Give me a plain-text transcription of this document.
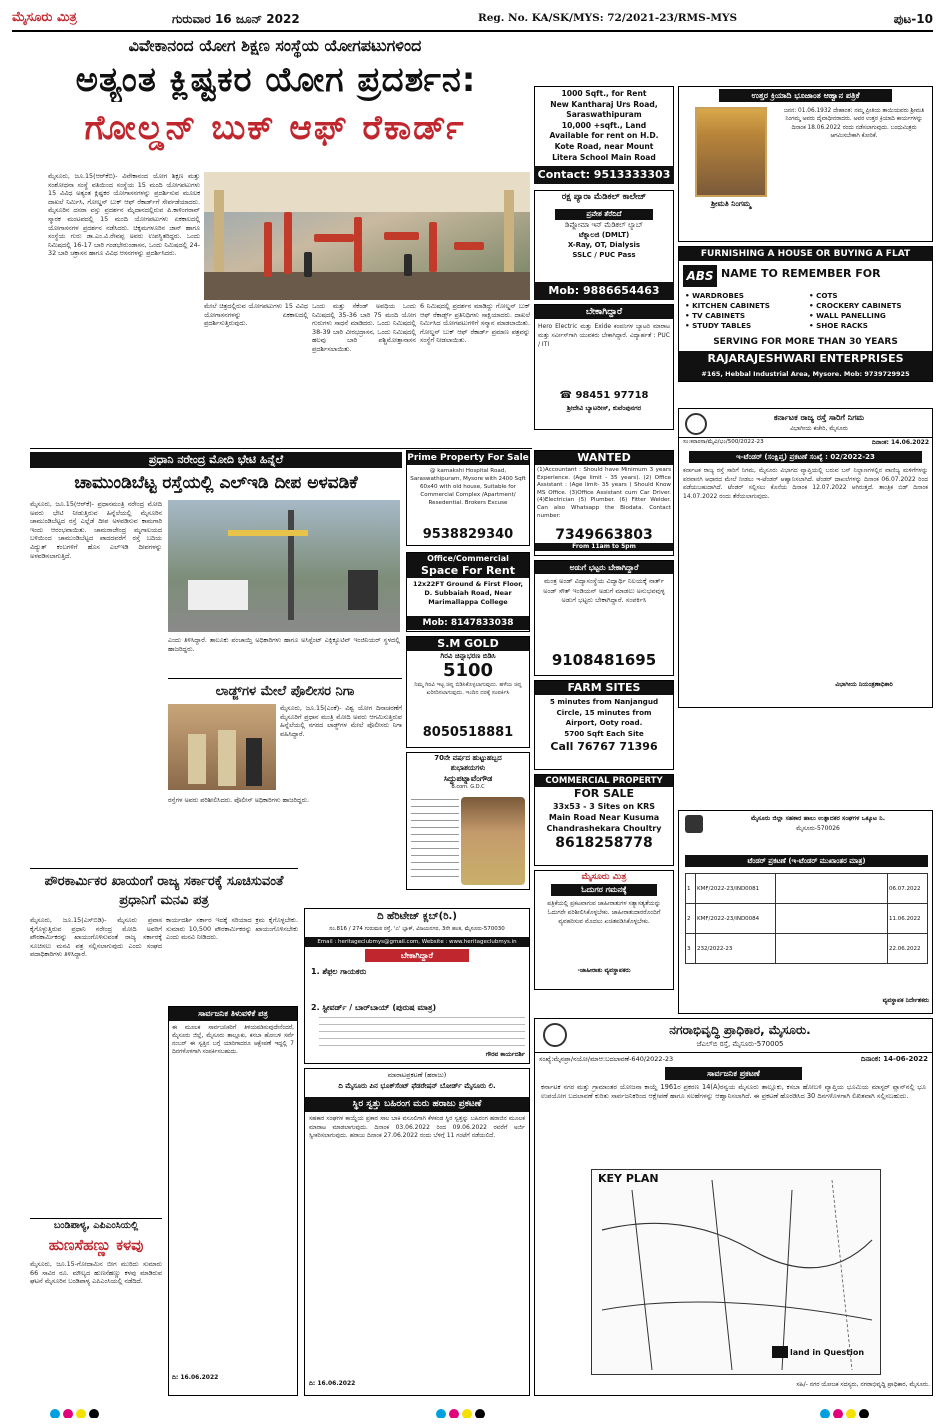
ಮೈಸೂರು ಮಿತ್ರ	ಗುರುವಾರ 16 ಜೂನ್ 2022	Reg. No. KA/SK/MYS: 72/2021-23/RMS-MYS	ಪುಟ-10
ವಿವೇಕಾನಂದ ಯೋಗ ಶಿಕ್ಷಣ ಸಂಸ್ಥೆಯ ಯೋಗಪಟುಗಳಿಂದ
ಅತ್ಯಂತ ಕ್ಲಿಷ್ಟಕರ ಯೋಗ ಪ್ರದರ್ಶನ:
ಗೋಲ್ಡನ್ ಬುಕ್ ಆಫ್ ರೆಕಾರ್ಡ್
ಮೈಸೂರು, ಜೂ.15(ಆರ್‌ಕೆಬಿ)- ವಿವೇಕಾನಂದ ಯೋಗ ಶಿಕ್ಷಣ ಮತ್ತು ಸಂಶೋಧನಾ ಸಂಸ್ಥೆ ವತಿಯಿಂದ ಸಂಸ್ಥೆಯ 15 ಮಂದಿ ಯೋಗಪಟುಗಳು 15 ವಿವಿಧ ಅತ್ಯಂತ ಕ್ಲಿಷ್ಟಕರ ಯೋಗಾಸನಗಳನ್ನು ಪ್ರದರ್ಶಿಸುವ ಮೂಲಕ ದಾಖಲೆ ನಿರ್ಮಿಸಿ, ಗೋಲ್ಡನ್ ಬುಕ್ ಆಫ್ ರೆಕಾರ್ಡ್‌ಗೆ ಸೇರ್ಪಡೆಯಾದರು. ಮೈಸೂರಿನ ದಸರಾ ವಸ್ತು ಪ್ರದರ್ಶನ ಮೈದಾನದಲ್ಲಿರುವ ಪಿ.ಕಾಳಿಂಗರಾವ್ ಸ್ಮಾರಕ ಮಂಟಪದಲ್ಲಿ 15 ಮಂದಿ ಯೋಗಪಟುಗಳು ಏಕಕಾಲದಲ್ಲಿ ಯೋಗಾಸನಗಳ ಪ್ರದರ್ಶನ ನಡೆಸಿದರು. ಚಿಕ್ಕಮಗಳೂರಿನ ಜಾನ್ ಹಾಗೂ ಸಂಸ್ಥೆಯ ಗುರು ಡಾ.ಎಂ.ವಿ.ರೇವಪ್ಪ ಅವರು ಉಪಸ್ಥಿತರಿದ್ದರು. ಒಂದು ನಿಮಿಷದಲ್ಲಿ 16-17 ಬಾರಿ ಗಂಡಭೇರುಂಡಾಸನ, ಒಂದು ನಿಮಿಷದಲ್ಲಿ 24-32 ಬಾರಿ ಚಕ್ರಾಸನ ಹಾಗೂ ವಿವಿಧ ಆಸನಗಳನ್ನು ಪ್ರದರ್ಶಿಸಿದರು.
ಮೇಲೆ ಚಿತ್ರದಲ್ಲಿರುವ ಯೋಗಪಟುಗಳು 15 ವಿವಿಧ ಯೋಗಾಸನಗಳನ್ನು ಏಕಕಾಲದಲ್ಲಿ ಪ್ರದರ್ಶಿಸುತ್ತಿರುವುದು.
ಒಂದು ಮತ್ತು ಸೆಕೆಂಡ್ ಅವಧಿಯ ಒಂದು ನಿಮಿಷದಲ್ಲಿ 35-36 ಬಾರಿ 75 ಮಂದಿ ಯೋಗ ಗುರುಗಳು ಸಾಧನೆ ಮಾಡಿದರು. ಒಂದು ನಿಮಿಷದಲ್ಲಿ 38-39 ಬಾರಿ ವೀರಭದ್ರಾಸನ, ಒಂದು ನಿಮಿಷದಲ್ಲಿ ಹಲವು ಬಾರಿ ಪಶ್ಚಿಮೋತ್ತಾನಾಸನ ಪ್ರದರ್ಶಿಸಲಾಯಿತು.
6 ನಿಮಿಷದಲ್ಲಿ ಪ್ರದರ್ಶನ ಮಾಡಿದ್ದು ಗೋಲ್ಡನ್ ಬುಕ್ ಆಫ್ ರೆಕಾರ್ಡ್ಸ್ ಪ್ರತಿನಿಧಿಗಳು ಸಾಕ್ಷಿಯಾದರು. ದಾಖಲೆ ನಿರ್ಮಿಸಿದ ಯೋಗಪಟುಗಳಿಗೆ ಸನ್ಮಾನ ಮಾಡಲಾಯಿತು. ಗೋಲ್ಡನ್ ಬುಕ್ ಆಫ್ ರೆಕಾರ್ಡ್ ಪ್ರಮಾಣ ಪತ್ರವನ್ನು ಸಂಸ್ಥೆಗೆ ನೀಡಲಾಯಿತು.
ಪ್ರಧಾನಿ ನರೇಂದ್ರ ಮೋದಿ ಭೇಟಿ ಹಿನ್ನೆಲೆ
ಚಾಮುಂಡಿಬೆಟ್ಟ ರಸ್ತೆಯಲ್ಲಿ ಎಲ್‌ಇಡಿ ದೀಪ ಅಳವಡಿಕೆ
ಮೈಸೂರು, ಜೂ.15(ಆರ್‌ಕೆ)- ಪ್ರಧಾನಮಂತ್ರಿ ನರೇಂದ್ರ ಮೋದಿ ಅವರು ಭೇಟಿ ನೀಡುತ್ತಿರುವ ಹಿನ್ನೆಲೆಯಲ್ಲಿ ಮೈಸೂರಿನ ಚಾಮುಂಡಿಬೆಟ್ಟದ ರಸ್ತೆ ಎಲ್ಲೆಡೆ ದೀಪ ಅಳವಡಿಸುವ ಕಾಮಗಾರಿ ಇಂದು ಆರಂಭವಾಯಿತು. ಚಾಮರಾಜೇಂದ್ರ ಮೃಗಾಲಯದ ಬಳಿಯಿಂದ ಚಾಮುಂಡಿಬೆಟ್ಟದ ಪಾದದವರೆಗೆ ರಸ್ತೆ ಬದಿಯ ವಿದ್ಯುತ್ ಕಂಬಗಳಿಗೆ ಹೊಸ ಎಲ್‌ಇಡಿ ದೀಪಗಳನ್ನು ಅಳವಡಿಸಲಾಗುತ್ತಿದೆ.
ಎಂದು ತಿಳಿಸಿದ್ದಾರೆ. ತಾಲೂಕು ಪಂಚಾಯ್ತಿ ಅಧಿಕಾರಿಗಳು ಹಾಗೂ ಅಸಿಸ್ಟೆಂಟ್ ಎಕ್ಸಿಕ್ಯೂಟಿವ್ ಇಂಜಿನಿಯರ್ ಸ್ಥಳದಲ್ಲಿ ಹಾಜರಿದ್ದರು.
ಲಾಡ್ಜ್‌ಗಳ ಮೇಲೆ ಪೊಲೀಸರ ನಿಗಾ
ಮೈಸೂರು, ಜೂ.15(ಎಂಕೆ)- ವಿಶ್ವ ಯೋಗ ದಿನಾಚರಣೆಗೆ ಮೈಸೂರಿಗೆ ಪ್ರಧಾನ ಮಂತ್ರಿ ಮೋದಿ ಅವರು ಆಗಮಿಸುತ್ತಿರುವ ಹಿನ್ನೆಲೆಯಲ್ಲಿ ನಗರದ ಲಾಡ್ಜ್‌ಗಳ ಮೇಲೆ ಪೊಲೀಸರು ನಿಗಾ ವಹಿಸಿದ್ದಾರೆ.
ರಸ್ತೆಗಳ ಅವರು ಪರಿಶೀಲಿಸಿದರು. ಪೊಲೀಸ್ ಅಧಿಕಾರಿಗಳು ಹಾಜರಿದ್ದರು.
ಪೌರಕಾರ್ಮಿಕರ ಖಾಯಂಗೆ ರಾಜ್ಯ ಸರ್ಕಾರಕ್ಕೆ ಸೂಚಿಸುವಂತೆ ಪ್ರಧಾನಿಗೆ ಮನವಿ ಪತ್ರ
ಮೈಸೂರು, ಜೂ.15(ಎಸ್‌ಬಿಡಿ)- ಮೈಸೂರು ಪ್ರವಾಸ ಕೈಗೊಳ್ಳುತ್ತಿರುವ ಪ್ರಧಾನಿ ನರೇಂದ್ರ ಮೋದಿ ಅವರಿಗೆ ಪೌರಕಾರ್ಮಿಕರನ್ನು ಖಾಯಂಗೊಳಿಸುವಂತೆ ರಾಜ್ಯ ಸರ್ಕಾರಕ್ಕೆ ಸೂಚಿಸಲು ಮನವಿ ಪತ್ರ ಸಲ್ಲಿಸಲಾಗುವುದು ಎಂದು ಸಂಘದ ಪದಾಧಿಕಾರಿಗಳು ತಿಳಿಸಿದ್ದಾರೆ.
ಕಾರ್ಯದರ್ಶಿ ಸರ್ಕಾರ ಇದಕ್ಕೆ ಸರಿಯಾದ ಕ್ರಮ ಕೈಗೊಳ್ಳಬೇಕು. ಸುಮಾರು 10,500 ಪೌರಕಾರ್ಮಿಕರನ್ನು ಖಾಯಂಗೊಳಿಸಬೇಕು ಎಂದು ಮನವಿ ನೀಡಿದರು.
ಬಂಡಿಪಾಳ್ಯ, ಎಪಿಎಂಸಿಯಲ್ಲಿ
ಹುಣಸೆಹಣ್ಣು ಕಳವು
ಮೈಸೂರು, ಜೂ.15-ಗೋದಾಮಿನ ಬೀಗ ಮುರಿದು ಸುಮಾರು 66 ಸಾವಿರ ರೂ. ಮೌಲ್ಯದ ಹುಣಸೆಹಣ್ಣು ಕಳವು ಮಾಡಿರುವ ಘಟನೆ ಮೈಸೂರಿನ ಬಂಡಿಪಾಳ್ಯ ಎಪಿಎಂಸಿಯಲ್ಲಿ ನಡೆದಿದೆ.
ಸಾರ್ವಜನಿಕ ತಿಳುವಳಿಕೆ ಪತ್ರ
ಈ ಮೂಲಕ ಸಾರ್ವಜನಿಕರಿಗೆ ತಿಳಿಯಪಡಿಸುವುದೇನೆಂದರೆ, ಮೈಸೂರು ಜಿಲ್ಲೆ, ಮೈಸೂರು ತಾಲ್ಲೂಕು, ಕಸಬಾ ಹೋಬಳಿ ಸರ್ವೆ ನಂಬರ್ ಈ ಸ್ವತ್ತಿನ ಬಗ್ಗೆ ಯಾರಿಗಾದರೂ ಆಕ್ಷೇಪಣೆ ಇದ್ದಲ್ಲಿ 7 ದಿನಗಳೊಳಗಾಗಿ ಸಂಪರ್ಕಿಸಬಹುದು.
ದಿ: 16.06.2022
ದಿ ಹೆರಿಟೇಜ್ ಕ್ಲಬ್(ರಿ.)
ನಂ.816 / 274 ಗುರುಮಠ ರಸ್ತೆ, 'ಎ' ಬ್ಲಾಕ್, ವಿಜಯನಗರ, 3ನೇ ಹಂತ, ಮೈಸೂರು-570030
Email : heritageclubmys@gmail.com, Website : www.heritageclubmys.in
ಬೇಕಾಗಿದ್ದಾರೆ
1. ಶೆಫ಼ಲ ಗಾಯಕರು
2. ಸ್ಟೀವರ್ಡ್ / ಬಾರ್‌ಬಾಯ್ (ಪುರುಷ ಮಾತ್ರ)
ಗೌರವ ಕಾರ್ಯದರ್ಶಿ
ಮಾರಾಟಪ್ರಕಟಣೆ (ಹರಾಜು)
ದಿ ಮೈಸೂರು ಪಿನ ಭೂಕ್‌ಸೆಂಟ್ ಫೆಡರೇಷನ್ ಬೋರ್ಡ್ ಮೈಸೂರು ಲಿ.
ಸ್ಥಿರ ಸ್ವತ್ತು ಬಹಿರಂಗ ಮರು ಹರಾಜು ಪ್ರಕಟಣೆ
ಸಹಕಾರ ಸಂಘಗಳ ಕಾಯ್ದೆಯ ಪ್ರಕಾರ ಸಾಲ ಬಾಕಿ ವಸೂಲಿಗಾಗಿ ಕೆಳಕಂಡ ಸ್ಥಿರ ಸ್ವತ್ತನ್ನು ಬಹಿರಂಗ ಹರಾಜಿನ ಮೂಲಕ ಮಾರಾಟ ಮಾಡಲಾಗುವುದು. ದಿನಾಂಕ 03.06.2022 ರಿಂದ 09.06.2022 ರವರೆಗೆ ಅರ್ಜಿ ಸ್ವೀಕರಿಸಲಾಗುವುದು. ಹರಾಜು ದಿನಾಂಕ 27.06.2022 ರಂದು ಬೆಳಿಗ್ಗೆ 11 ಗಂಟೆಗೆ ನಡೆಯಲಿದೆ.
ದಿ: 16.06.2022
1000 Sqft., for Rent
New Kantharaj Urs Road,
Saraswathipuram
10,000 +sqft., Land
Available for rent on H.D.
Kote Road, near Mount
Litera School Main Road
Contact: 9513333303
ರಕ್ಷ ಪ್ಯಾರಾ ಮೆಡಿಕಲ್ ಕಾಲೇಜ್

ಪ್ರವೇಶ ತೆರೆದಿದೆ
ಡಿಪ್ಲೋಮಾ ಇನ್ ಮೆಡಿಕಲ್ ಲ್ಯಾಬ್
ಟೆಕ್ನಾಲಜಿ (DMLT)
X-Ray, OT, Dialysis
SSLC / PUC Pass
Mob: 9886654463
ಬೇಕಾಗಿದ್ದಾರೆ
Hero Electric ಮತ್ತು Exide ಕಂಪನಿಗಳ ಬ್ಯಾಟರಿ ಮಾರಾಟ ಮತ್ತು ಸರ್ವೀಸ್‌ಗಾಗಿ ಯುವಕರು ಬೇಕಾಗಿದ್ದಾರೆ. ವಿದ್ಯಾರ್ಹತೆ : PUC / ITI
☎ 98451 97718
ಶ್ರೀದೇವಿ ಬ್ಯಾಟರೀಸ್, ಕುವೆಂಪುನಗರ
Prime Property For Sale
@ kamakshi Hospital Road, Saraswathipuram, Mysore with 2400 Sqft 60x40 with old house, Suitable for Commercial Complex /Apartment/ Resedential. Brokers Excuse
9538829340
WANTED
(1)Accountant : Should have Minimum 3 years Experience. (Age limit - 35 years). (2) Office Assistant : (Age limit- 35 years ) Should Know MS Office. (3)Office Assistant cum Car Driver. (4)Electrician (5) Plumber. (6) Fitter Welder. Can also Whatsapp the Biodata. Contact number:
7349663803
From 11am to 5pm
Office/Commercial
Space For Rent
12x22FT Ground & First Floor, D. Subbaiah Road, Near Marimallappa College
Mob: 8147833038
ಅಡುಗೆ ಭಟ್ಟರು ಬೇಕಾಗಿದ್ದಾರೆ
ಮಂತ್ರ ಅಂಡ್ ವಿದ್ಯಾಸಂಸ್ಥೆಯ ವಿದ್ಯಾರ್ಥಿ ನಿಲಯಕ್ಕೆ ನಾರ್ತ್ ಅಂಡ್ ಸೌತ್ ಇಂಡಿಯನ್ ಅಡುಗೆ ಮಾಡಲು ಅನುಭವವುಳ್ಳ ಅಡುಗೆ ಭಟ್ಟರು ಬೇಕಾಗಿದ್ದಾರೆ. ಸಂಪರ್ಕಿಸಿ
9108481695
S.M GOLD
ಗಿರವಿ ಚಿನ್ನಾಭರಣ ಬಿಡಿಸಿ
5100
ನಿಮ್ಮ ಗಿರವಿ ಇಟ್ಟ ಚಿನ್ನ ಬಿಡಿಸಿಕೊಳ್ಳಲಾಗುವುದು. ಹಳೆಯ ಚಿನ್ನ ಖರೀದಿಸಲಾಗುವುದು. ಇಂದಿನ ದರಕ್ಕೆ ಸಂಪರ್ಕಿಸಿ
8050518881
FARM SITES
5 minutes from Nanjangud
Circle, 15 minutes from
Airport, Ooty road.
5700 Sqft Each Site
Call 76767 71396
70ನೇ ವರ್ಷದ ಹುಟ್ಟುಹಬ್ಬದ
ಶುಭಾಶಯಗಳು
ಸಿದ್ದುಪಟ್ನಾವೆಂಗೌಡ
B.com. G.D.C
COMMERCIAL PROPERTY
FOR SALE
33x53 - 3 Sites on KRS
Main Road Near Kusuma
Chandrashekara Choultry
8618258778
ಮೈಸೂರು ಮಿತ್ರ
ಓದುಗರ ಗಮನಕ್ಕೆ
ಪತ್ರಿಕೆಯಲ್ಲಿ ಪ್ರಕಟವಾಗುವ ಜಾಹೀರಾತುಗಳ ಸತ್ಯಾಸತ್ಯತೆಯನ್ನು ಓದುಗರೇ ಪರಿಶೀಲಿಸಿಕೊಳ್ಳಬೇಕು. ಜಾಹೀರಾತುದಾರರೊಂದಿಗೆ ವ್ಯವಹರಿಸುವ ಮೊದಲು ಖಚಿತಪಡಿಸಿಕೊಳ್ಳಬೇಕು.
-ಜಾಹೀರಾತು ವ್ಯವಸ್ಥಾಪಕರು
ಉತ್ತರ ಕ್ರಿಯಾದಿ ಭೂಜಾಂತ ಆಹ್ವಾನ ಪತ್ರಿಕೆ
ಶ್ರೀಮತಿ ನಿಂಗಮ್ಮ
ಜನನ: 01.06.1932 ದೇಹಾಂತ: ನಮ್ಮ ಪ್ರೀತಿಯ ತಾಯಿಯವರು ಶ್ರೀಮತಿ ನಿಂಗಮ್ಮ ಅವರು ದೈವಾಧೀನರಾದರು. ಅವರ ಉತ್ತರ ಕ್ರಿಯಾದಿ ಕಾರ್ಯಗಳನ್ನು ದಿನಾಂಕ 18.06.2022 ರಂದು ನಡೆಸಲಾಗುವುದು. ಬಂಧುಮಿತ್ರರು ಆಗಮಿಸಬೇಕಾಗಿ ಕೋರಿಕೆ.
FURNISHING A HOUSE OR BUYING A FLAT
ABS NAME TO REMEMBER FOR
• WARDROBES
• KITCHEN CABINETS
• TV CABINETS
• STUDY TABLES
• COTS
• CROCKERY CABINETS
• WALL PANELLING
• SHOE RACKS
SERVING FOR MORE THAN 30 YEARS
RAJARAJESHWARI ENTERPRISES
#165, Hebbal Industrial Area, Mysore. Mob: 9739729925
ಕರ್ನಾಟಕ ರಾಜ್ಯ ರಸ್ತೆ ಸಾರಿಗೆ ನಿಗಮ
ವಿಭಾಗೀಯ ಕಚೇರಿ, ಮೈಸೂರು
ಸಂ:ಕರಾರಸಾ/ಮೈವಿ/ಭಂ/500/2022-23	ದಿನಾಂಕ: 14.06.2022
ಇ-ಟೆಂಡರ್ (ಸಂಕ್ಷಿಪ್ತ) ಪ್ರಕಟಣೆ ಸಂಖ್ಯೆ : 02/2022-23
ಕರ್ನಾಟಕ ರಾಜ್ಯ ರಸ್ತೆ ಸಾರಿಗೆ ನಿಗಮ, ಮೈಸೂರು ವಿಭಾಗದ ವ್ಯಾಪ್ತಿಯಲ್ಲಿ ಬರುವ ಬಸ್ ನಿಲ್ದಾಣಗಳಲ್ಲಿನ ವಾಣಿಜ್ಯ ಮಳಿಗೆಗಳನ್ನು ಪರವಾನಗಿ ಆಧಾರದ ಮೇಲೆ ನೀಡಲು ಇ-ಟೆಂಡರ್ ಆಹ್ವಾನಿಸಲಾಗಿದೆ. ಟೆಂಡರ್ ದಾಖಲೆಗಳನ್ನು ದಿನಾಂಕ 06.07.2022 ರಿಂದ ಪಡೆಯಬಹುದಾಗಿದೆ. ಟೆಂಡರ್ ಸಲ್ಲಿಸಲು ಕೊನೆಯ ದಿನಾಂಕ 12.07.2022 ಆಗಿರುತ್ತದೆ. ತಾಂತ್ರಿಕ ಬಿಡ್ ದಿನಾಂಕ 14.07.2022 ರಂದು ತೆರೆಯಲಾಗುವುದು.
ವಿಭಾಗೀಯ ನಿಯಂತ್ರಣಾಧಿಕಾರಿ
ಮೈಸೂರು ಜಿಲ್ಲಾ ಸಹಕಾರ ಹಾಲು ಉತ್ಪಾದಕರ ಸಂಘಗಳ ಒಕ್ಕೂಟ ನಿ.
ಮೈಸೂರು-570026
ಟೆಂಡರ್ ಪ್ರಕಟಣೆ (ಇ-ಟೆಂಡರ್ ಮುಖಾಂತರ ಮಾತ್ರ)
1	KMF/2022-23/IND0081		06.07.2022
2	KMF/2022-23/IND0084		11.06.2022
3	232/2022-23		22.06.2022
ವ್ಯವಸ್ಥಾಪಕ ನಿರ್ದೇಶಕರು
ನಗರಾಭಿವೃದ್ಧಿ ಪ್ರಾಧಿಕಾರ, ಮೈಸೂರು.
ಜೆಎಲ್‌ಬಿ ರಸ್ತೆ, ಮೈಸೂರು-570005
ಸಂಖ್ಯೆ:ಮೈನಪ್ರಾ/ನಯೋ/ಮಾಆ:ಬದಲಾವಣೆ-640/2022-23	ದಿನಾಂಕ: 14-06-2022
ಸಾರ್ವಜನಿಕ ಪ್ರಕಟಣೆ
ಕರ್ನಾಟಕ ನಗರ ಮತ್ತು ಗ್ರಾಮಾಂತರ ಯೋಜನಾ ಕಾಯ್ದೆ 1961ರ ಪ್ರಕರಣ 14(A)ರನ್ವಯ ಮೈಸೂರು ತಾಲ್ಲೂಕು, ಕಸಬಾ ಹೋಬಳಿ ವ್ಯಾಪ್ತಿಯ ಭೂಮಿಯ ಮಾಸ್ಟರ್ ಪ್ಲಾನ್‌ನಲ್ಲಿ ಭೂ ಉಪಯೋಗ ಬದಲಾವಣೆ ಕುರಿತು ಸಾರ್ವಜನಿಕರಿಂದ ಆಕ್ಷೇಪಣೆ ಹಾಗೂ ಸಲಹೆಗಳನ್ನು ಆಹ್ವಾನಿಸಲಾಗಿದೆ. ಈ ಪ್ರಕಟಣೆ ಹೊರಡಿಸಿದ 30 ದಿನಗಳೊಳಗಾಗಿ ಲಿಖಿತವಾಗಿ ಸಲ್ಲಿಸಬಹುದು.
KEY PLAN
land in Question
ಸಹಿ/- ನಗರ ಯೋಜಕ ಸದಸ್ಯರು, ನಗರಾಭಿವೃದ್ಧಿ ಪ್ರಾಧಿಕಾರ, ಮೈಸೂರು.
